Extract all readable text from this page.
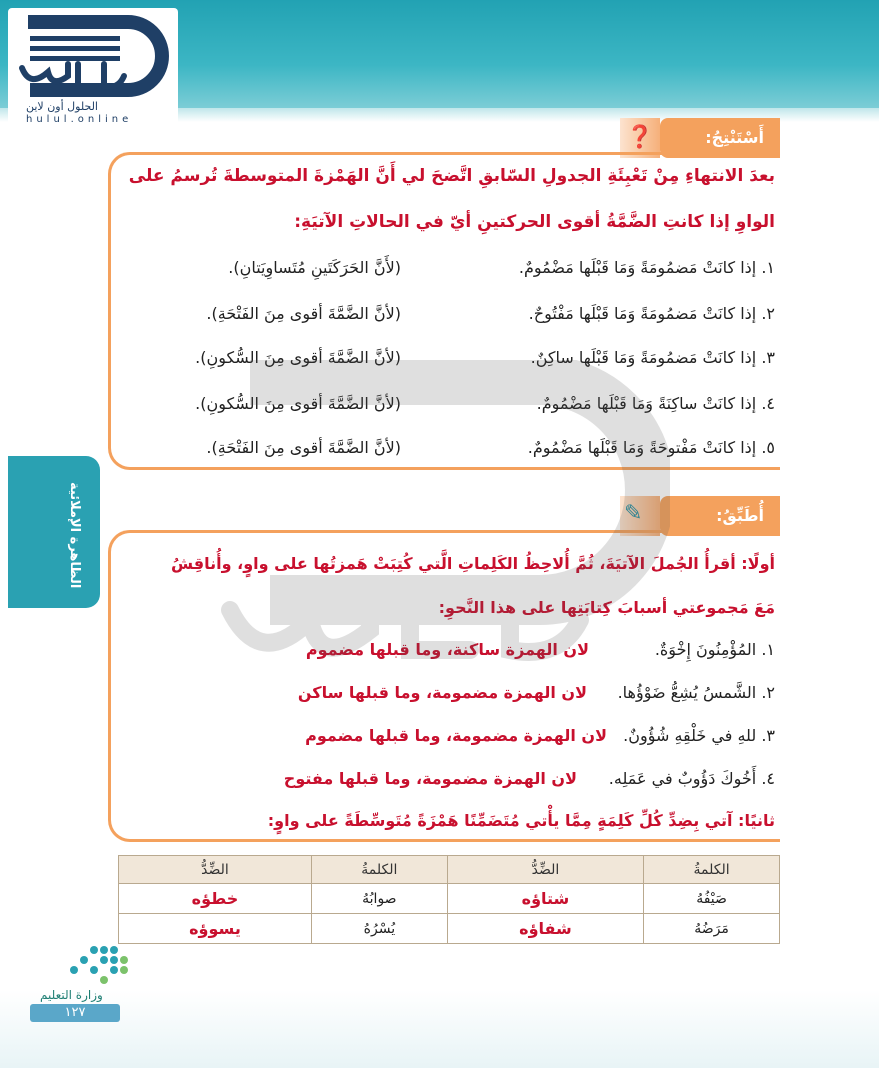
الحلول أون لاين
hulul.online
❓	أَسْتَنْتِجُ:
بعدَ الانتهاءِ مِنْ تَعْبِئَةِ الجدولِ السّابقِ اتَّضحَ لي أَنَّ الهَمْزةَ المتوسطةَ تُرسمُ على
الواوِ إذا كانتِ الضَّمَّةُ أقوى الحركتينِ أيّ في الحالاتِ الآتيَةِ:
١. إذا كانَتْ مَضمُومَةً وَمَا قَبْلَها مَضْمُومٌ.
(لأَنَّ الحَرَكَتَينِ مُتَساوِيَتانِ).
٢. إذا كانَتْ مَضمُومَةً وَمَا قَبْلَها مَفْتُوحٌ.
(لأنَّ الضَّمَّةَ أقوى مِنَ الفَتْحَةِ).
٣. إذا كانَتْ مَضمُومَةً وَمَا قَبْلَها ساكِنٌ.
(لأنَّ الضَّمَّةَ أقوى مِنَ السُّكونِ).
٤. إذا كانَتْ ساكِنَةً وَمَا قَبْلَها مَضْمُومٌ.
(لأنَّ الضَّمَّةَ أقوى مِنَ السُّكونِ).
٥. إذا كانَتْ مَفْتوحَةً وَمَا قَبْلَها مَضْمُومٌ.
(لأنَّ الضَّمَّةَ أقوى مِنَ الفَتْحَةِ).
الظاهرة الإملائية	✎	أُطَبِّقُ:
أولًا: أقرأُ الجُملَ الآتيَةَ، ثُمَّ أُلاحِظُ الكَلِماتِ الَّتي كُتِبَتْ هَمزتُها على واوٍ، وأُناقِشُ
مَعَ مَجموعتي أسبابَ كِتابَتِها على هذا النَّحوِ:
١. المُؤْمِنُونَ إِخْوَةٌ.
لان الهمزة ساكنة، وما قبلها مضموم
٢. الشَّمسُ يُشِعُّ ضَوْؤُها.
لان الهمزة مضمومة، وما قبلها ساكن
٣. للهِ في خَلْقِهِ شُؤُونٌ.
لان الهمزة مضمومة، وما قبلها مضموم
٤. أَخُوكَ دَؤُوبٌ في عَمَلِه.
لان الهمزة مضمومة، وما قبلها مفتوح
ثانيًا: آتي بِضِدِّ كُلِّ كَلِمَةٍ مِمَّا يأْتي مُتَضَمِّنًا هَمْزَةً مُتَوسِّطَةً على واوٍ:
الكلمةُ	الضِّدُّ	الكلمةُ	الضِّدُّ
صَيْفُهُ	شتاؤه	صوابُهُ	خطؤه
مَرَضُهُ	شفاؤه	يُسْرُهُ	يسوؤه
وزارة التعليم
١٢٧
